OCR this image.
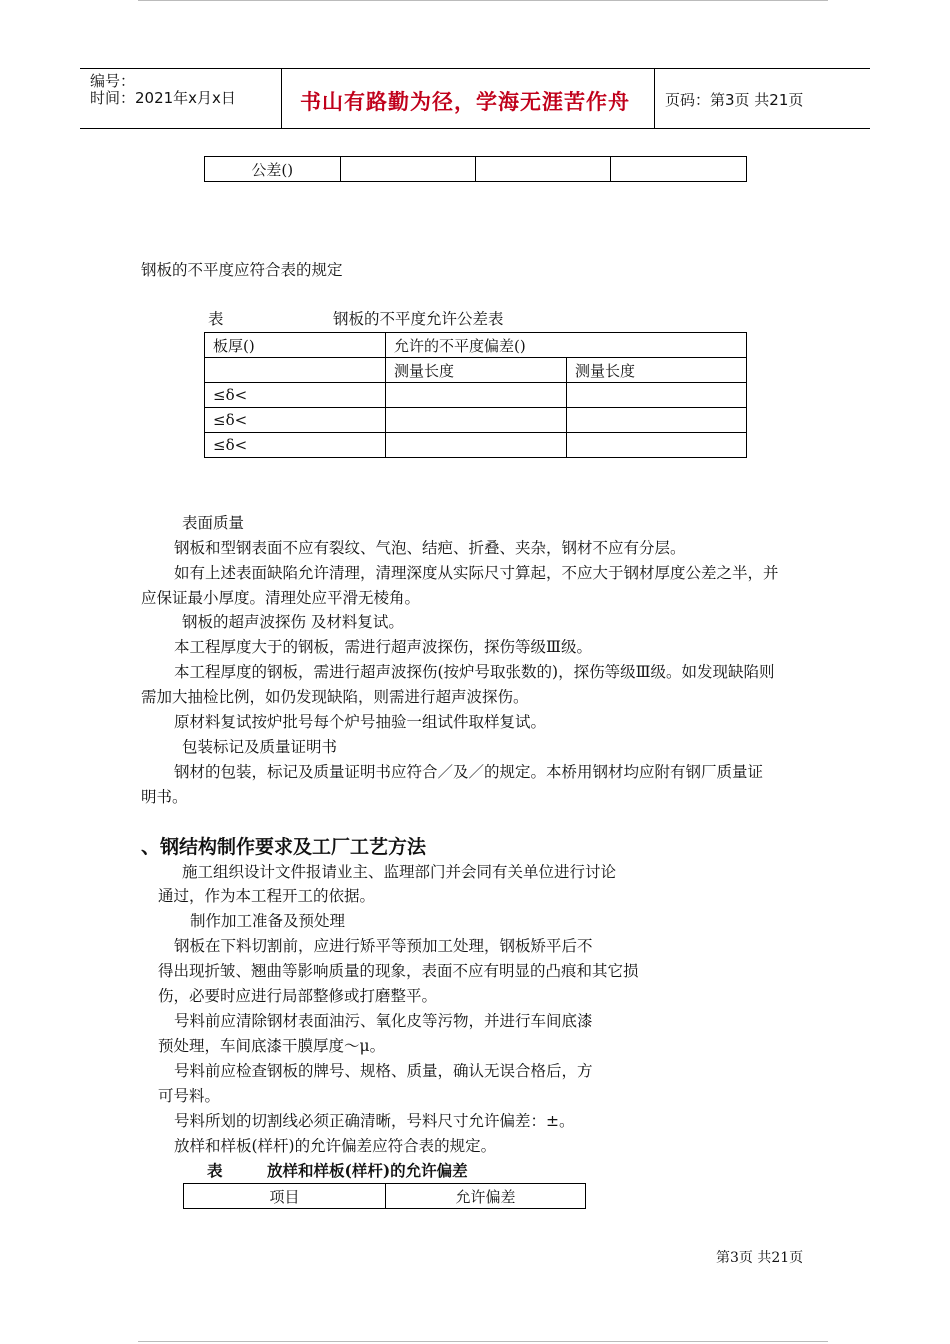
编号：
时间：2021年x月x日	书山有路勤为径，学海无涯苦作舟 页码：第3页 共21页
公差()			
钢板的不平度应符合表的规定
表	钢板的不平度允许公差表
板厚()	允许的不平度偏差()	
	测量长度	测量长度
≤δ<		
≤δ<		
≤δ<		
表面质量
钢板和型钢表面不应有裂纹、气泡、结疤、折叠、夹杂，钢材不应有分层。
如有上述表面缺陷允许清理，清理深度从实际尺寸算起，不应大于钢材厚度公差之半，并
应保证最小厚度。清理处应平滑无棱角。
钢板的超声波探伤 及材料复试。
本工程厚度大于的钢板，需进行超声波探伤，探伤等级Ⅲ级。
本工程厚度的钢板，需进行超声波探伤(按炉号取张数的)，探伤等级Ⅲ级。如发现缺陷则
需加大抽检比例，如仍发现缺陷，则需进行超声波探伤。
原材料复试按炉批号每个炉号抽验一组试件取样复试。
包装标记及质量证明书
钢材的包装，标记及质量证明书应符合／及／的规定。本桥用钢材均应附有钢厂质量证
明书。
、钢结构制作要求及工厂工艺方法
施工组织设计文件报请业主、监理部门并会同有关单位进行讨论
通过，作为本工程开工的依据。
制作加工准备及预处理
钢板在下料切割前，应进行矫平等预加工处理，钢板矫平后不
得出现折皱、翘曲等影响质量的现象，表面不应有明显的凸痕和其它损
伤，必要时应进行局部整修或打磨整平。
号料前应清除钢材表面油污、氧化皮等污物，并进行车间底漆
预处理，车间底漆干膜厚度～μ。
号料前应检查钢板的牌号、规格、质量，确认无误合格后，方
可号料。
号料所划的切割线必须正确清晰，号料尺寸允许偏差：±。
放样和样板(样杆)的允许偏差应符合表的规定。
表	放样和样板(样杆)的允许偏差
项目	允许偏差
第3页 共21页
